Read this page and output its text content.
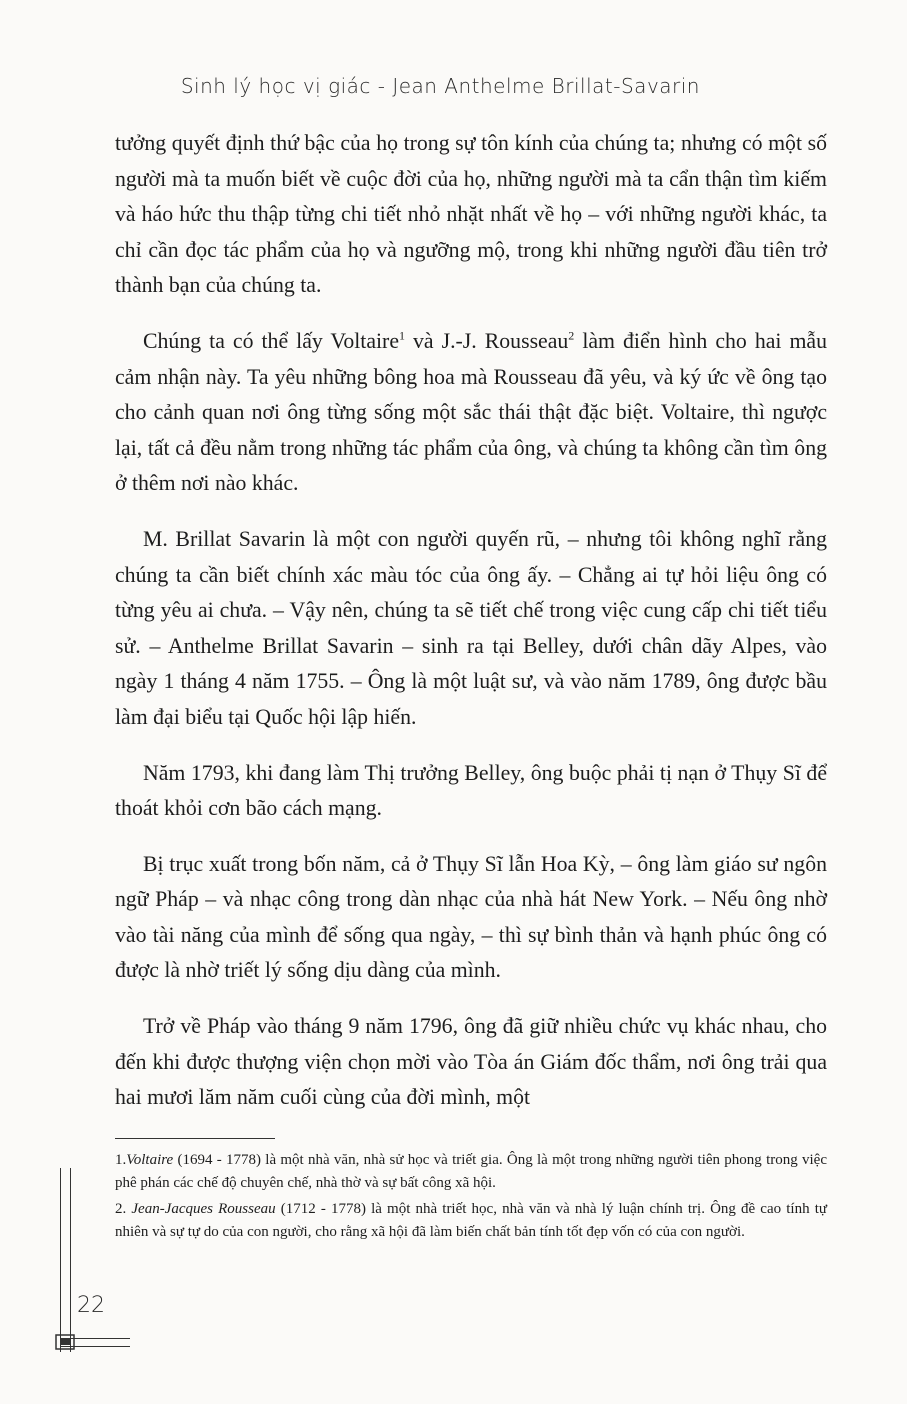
Sinh lý học vị giác - Jean Anthelme Brillat-Savarin

tưởng quyết định thứ bậc của họ trong sự tôn kính của chúng ta; nhưng có một số người mà ta muốn biết về cuộc đời của họ, những người mà ta cẩn thận tìm kiếm và háo hức thu thập từng chi tiết nhỏ nhặt nhất về họ – với những người khác, ta chỉ cần đọc tác phẩm của họ và ngưỡng mộ, trong khi những người đầu tiên trở thành bạn của chúng ta.

Chúng ta có thể lấy Voltaire$^1$ và J.-J. Rousseau$^2$ làm điển hình cho hai mẫu cảm nhận này. Ta yêu những bông hoa mà Rousseau đã yêu, và ký ức về ông tạo cho cảnh quan nơi ông từng sống một sắc thái thật đặc biệt. Voltaire, thì ngược lại, tất cả đều nằm trong những tác phẩm của ông, và chúng ta không cần tìm ông ở thêm nơi nào khác.

M. Brillat Savarin là một con người quyến rũ, – nhưng tôi không nghĩ rằng chúng ta cần biết chính xác màu tóc của ông ấy. – Chẳng ai tự hỏi liệu ông có từng yêu ai chưa. – Vậy nên, chúng ta sẽ tiết chế trong việc cung cấp chi tiết tiểu sử. – Anthelme Brillat Savarin – sinh ra tại Belley, dưới chân dãy Alpes, vào ngày 1 tháng 4 năm 1755. – Ông là một luật sư, và vào năm 1789, ông được bầu làm đại biểu tại Quốc hội lập hiến.

Năm 1793, khi đang làm Thị trưởng Belley, ông buộc phải tị nạn ở Thụy Sĩ để thoát khỏi cơn bão cách mạng.

Bị trục xuất trong bốn năm, cả ở Thụy Sĩ lẫn Hoa Kỳ, – ông làm giáo sư ngôn ngữ Pháp – và nhạc công trong dàn nhạc của nhà hát New York. – Nếu ông nhờ vào tài năng của mình để sống qua ngày, – thì sự bình thản và hạnh phúc ông có được là nhờ triết lý sống dịu dàng của mình.

Trở về Pháp vào tháng 9 năm 1796, ông đã giữ nhiều chức vụ khác nhau, cho đến khi được thượng viện chọn mời vào Tòa án Giám đốc thẩm, nơi ông trải qua hai mươi lăm năm cuối cùng của đời mình, một

1.Voltaire (1694 - 1778) là một nhà văn, nhà sử học và triết gia. Ông là một trong những người tiên phong trong việc phê phán các chế độ chuyên chế, nhà thờ và sự bất công xã hội.

2. Jean-Jacques Rousseau (1712 - 1778) là một nhà triết học, nhà văn và nhà lý luận chính trị. Ông đề cao tính tự nhiên và sự tự do của con người, cho rằng xã hội đã làm biến chất bản tính tốt đẹp vốn có của con người.

22
